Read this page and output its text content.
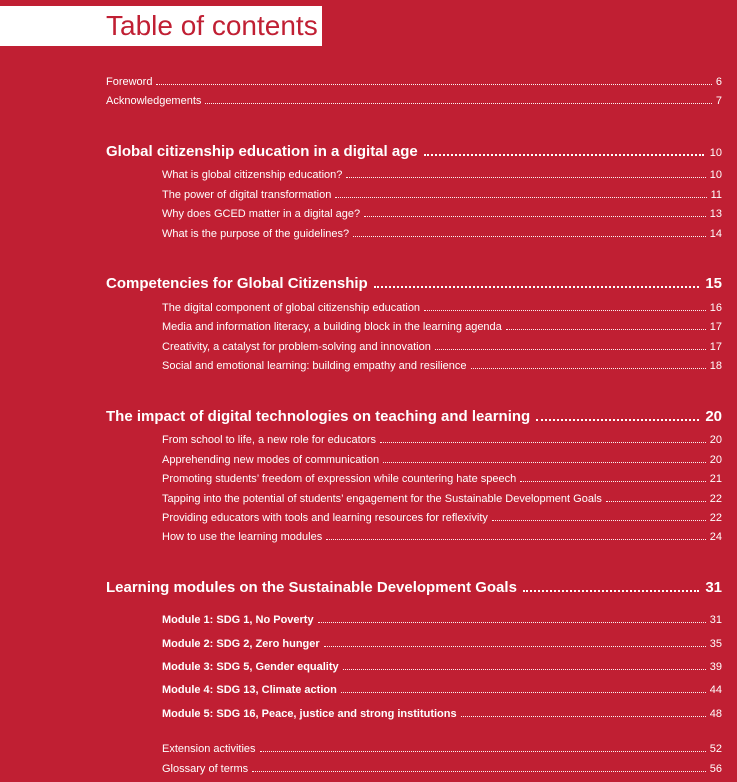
Table of contents
Foreword	6
Acknowledgements	7
Global citizenship education in a digital age	10
What is global citizenship education?	10
The power of digital transformation	11
Why does GCED matter in a digital age?	13
What is the purpose of the guidelines?	14
Competencies for Global Citizenship	15
The digital component of global citizenship education	16
Media and information literacy, a building block in the learning agenda	17
Creativity, a catalyst for problem-solving and innovation	17
Social and emotional learning: building empathy and resilience	18
The impact of digital technologies on teaching and learning	20
From school to life, a new role for educators	20
Apprehending new modes of communication	20
Promoting students’ freedom of expression while countering hate speech	21
Tapping into the potential of students’ engagement for the Sustainable Development Goals	22
Providing educators with tools and learning resources for reflexivity	22
How to use the learning modules	24
Learning modules on the Sustainable Development Goals	31
Module 1: SDG 1, No Poverty	31
Module 2: SDG 2, Zero hunger	35
Module 3: SDG 5, Gender equality	39
Module 4: SDG 13, Climate action	44
Module 5: SDG 16, Peace, justice and strong institutions	48
Extension activities	52
Glossary of terms	56
